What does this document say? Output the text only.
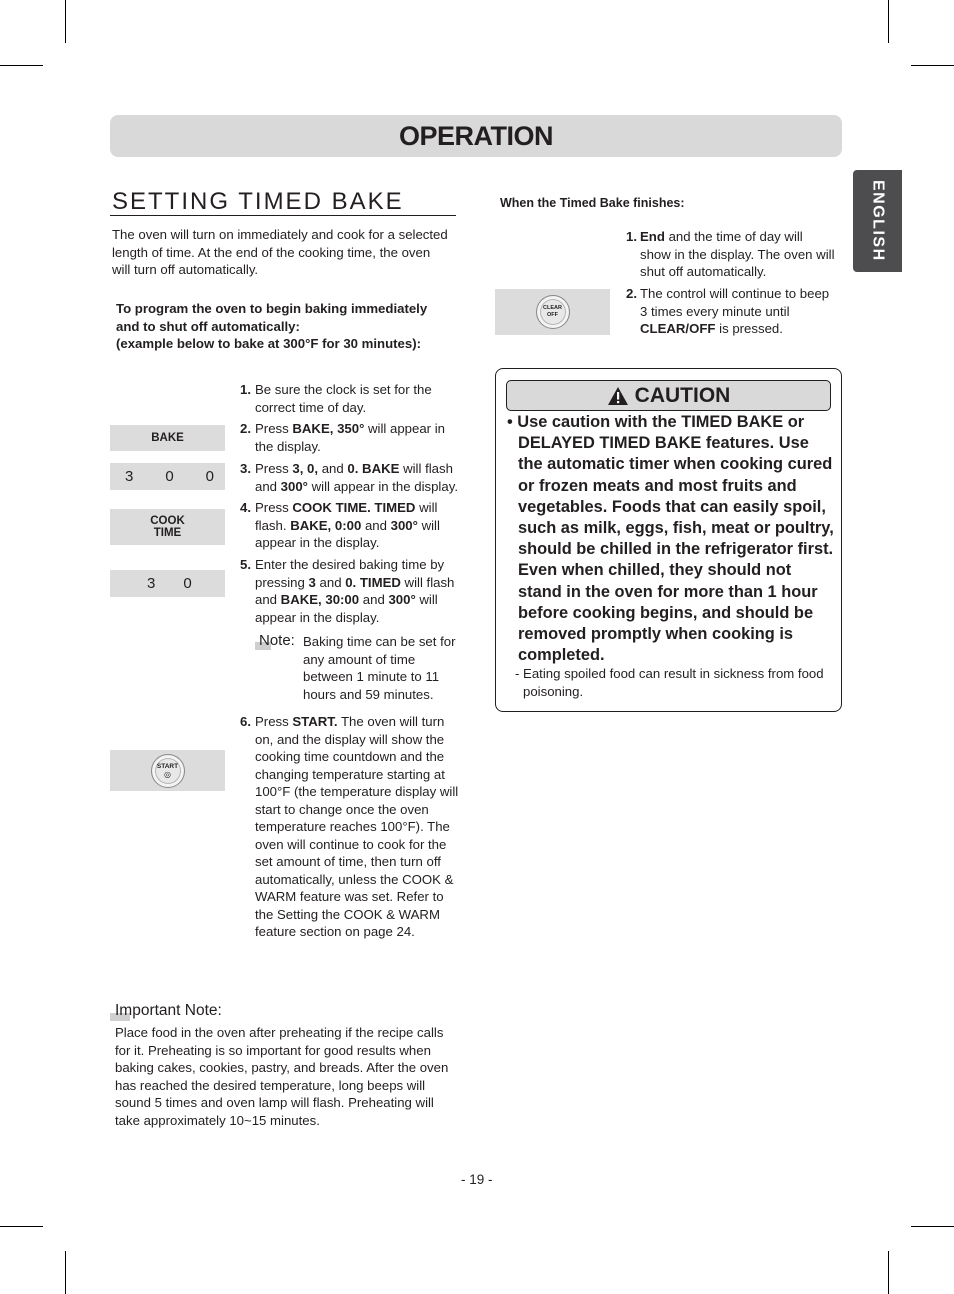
OPERATION
ENGLISH
SETTING TIMED BAKE
The oven will turn on immediately and cook for a selected length of time. At the end of the cooking time, the oven will turn off automatically.
To program the oven to begin baking immediately
and to shut off automatically:
(example below to bake at 300°F for 30 minutes):
BAKE
3 0 0
COOK
TIME
3 0
START
◎
1. Be sure the clock is set for the correct time of day.
2. Press BAKE, 350° will appear in the display.
3. Press 3, 0, and 0. BAKE will flash and 300° will appear in the display.
4. Press COOK TIME. TIMED will flash. BAKE, 0:00 and 300° will appear in the display.
5. Enter the desired baking time by pressing 3 and 0. TIMED will flash and BAKE, 30:00 and 300° will appear in the display.
Note: Baking time can be set for any amount of time between 1 minute to 11 hours and 59 minutes.
6. Press START. The oven will turn on, and the display will show the cooking time countdown and the changing temperature starting at 100°F (the temperature display will start to change once the oven temperature reaches 100°F). The oven will continue to cook for the set amount of time, then turn off automatically, unless the COOK & WARM feature was set. Refer to the Setting the COOK & WARM feature section on page 24.
Important Note:
Place food in the oven after preheating if the recipe calls for it. Preheating is so important for good results when baking cakes, cookies, pastry, and breads. After the oven has reached the desired temperature, long beeps will sound 5 times and oven lamp will flash. Preheating will take approximately 10~15 minutes.
When the Timed Bake finishes:
CLEAR
OFF
1. End and the time of day will show in the display. The oven will shut off automatically.
2. The control will continue to beep 3 times every minute until CLEAR/OFF is pressed.
CAUTION
• Use caution with the TIMED BAKE or DELAYED TIMED BAKE features. Use the automatic timer when cooking cured or frozen meats and most fruits and vegetables. Foods that can easily spoil, such as milk, eggs, fish, meat or poultry, should be chilled in the refrigerator first. Even when chilled, they should not stand in the oven for more than 1 hour before cooking begins, and should be removed promptly when cooking is completed.
- Eating spoiled food can result in sickness from food poisoning.
- 19 -
